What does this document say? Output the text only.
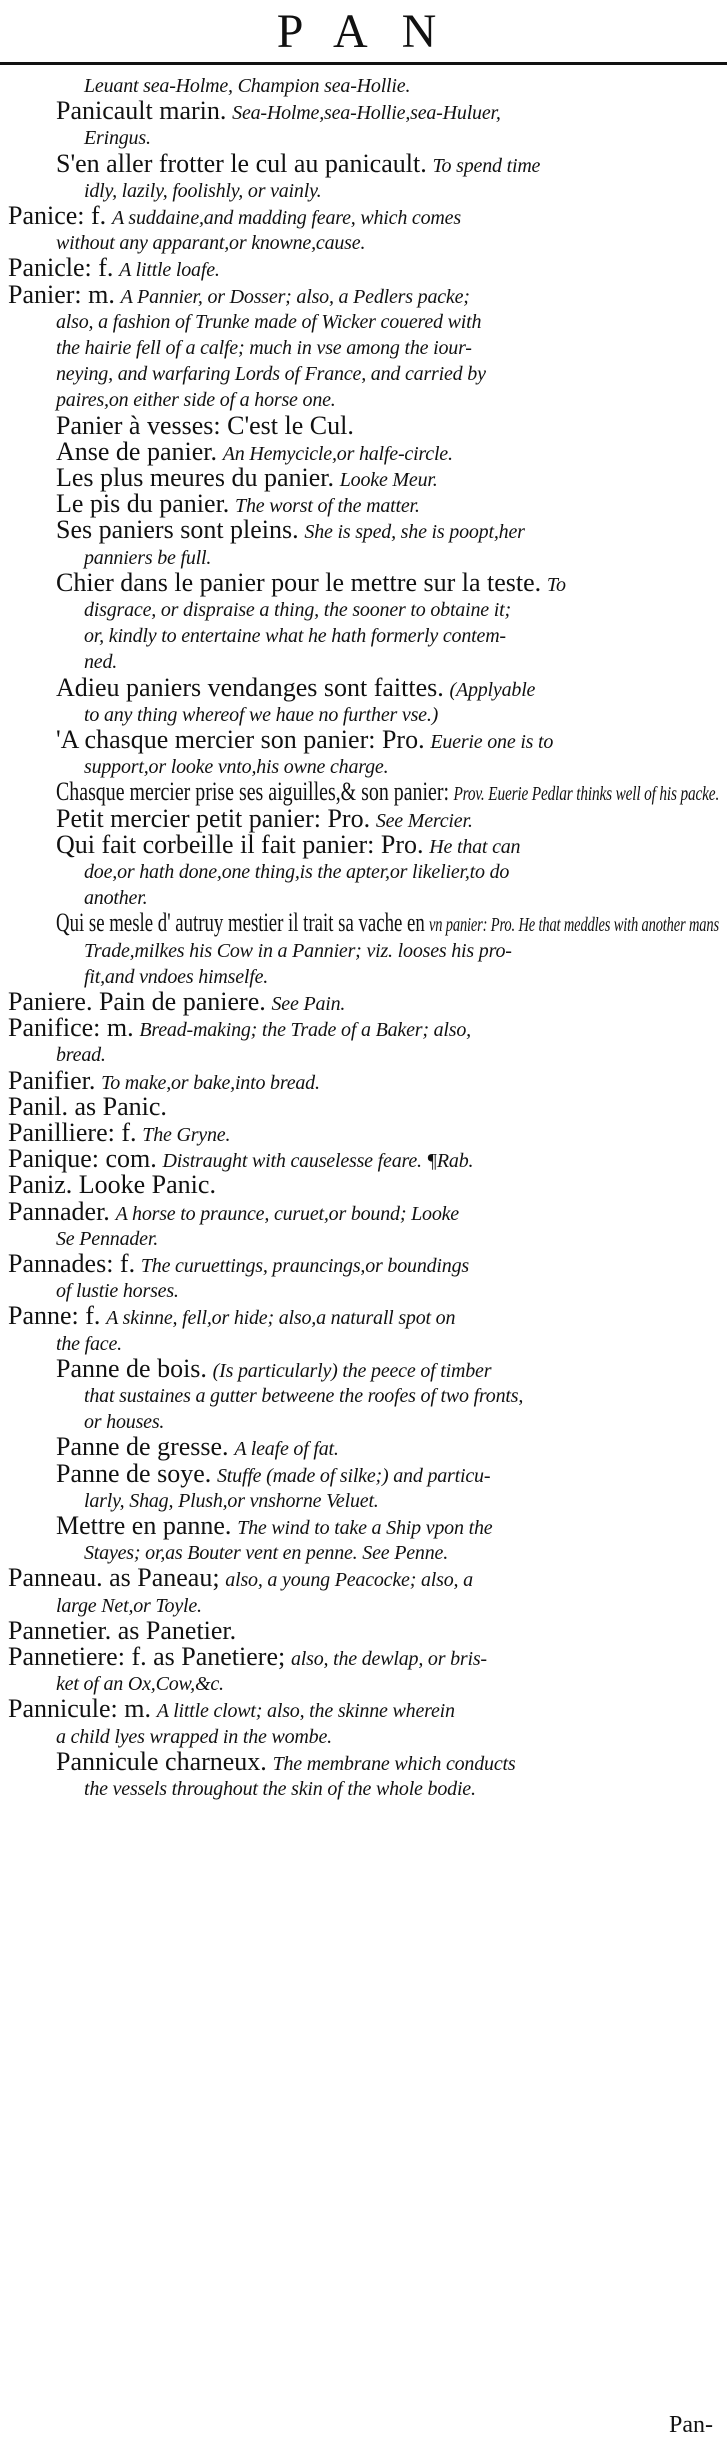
PAN

Leuant sea-Holme, Champion sea-Hollie.

Panicault marin. Sea-Holme,sea-Hollie,sea-Huluer,

Eringus.

S'en aller frotter le cul au panicault. To spend time

idly, lazily, foolishly, or vainly.

Panice: f. A suddaine,and madding feare, which comes

without any apparant,or knowne,cause.

Panicle: f. A little loafe.

Panier: m. A Pannier, or Dosser; also, a Pedlers packe;

also, a fashion of Trunke made of Wicker couered with

the hairie fell of a calfe; much in vse among the iour-

neying, and warfaring Lords of France, and carried by

paires,on either side of a horse one.

Panier à vesses: C'est le Cul.

Anse de panier. An Hemycicle,or halfe-circle.

Les plus meures du panier. Looke Meur.

Le pis du panier. The worst of the matter.

Ses paniers sont pleins. She is sped, she is poopt,her

panniers be full.

Chier dans le panier pour le mettre sur la teste. To

disgrace, or dispraise a thing, the sooner to obtaine it;

or, kindly to entertaine what he hath formerly contem-

ned.

Adieu paniers vendanges sont faittes. (Applyable

to any thing whereof we haue no further vse.)

'A chasque mercier son panier: Pro. Euerie one is to

support,or looke vnto,his owne charge.

Chasque mercier prise ses aiguilles,& son panier: Prov. Euerie Pedlar thinks well of his packe.

Petit mercier petit panier: Pro. See Mercier.

Qui fait corbeille il fait panier: Pro. He that can

doe,or hath done,one thing,is the apter,or likelier,to do

another.

Qui se mesle d' autruy mestier il trait sa vache en vn panier: Pro. He that meddles with another mans

Trade,milkes his Cow in a Pannier; viz. looses his pro-

fit,and vndoes himselfe.

Paniere. Pain de paniere. See Pain.

Panifice: m. Bread-making; the Trade of a Baker; also,

bread.

Panifier. To make,or bake,into bread.

Panil. as Panic.

Panilliere: f. The Gryne.

Panique: com. Distraught with causelesse feare. ¶Rab.

Paniz. Looke Panic.

Pannader. A horse to praunce, curuet,or bound; Looke

Se Pennader.

Pannades: f. The curuettings, prauncings,or boundings

of lustie horses.

Panne: f. A skinne, fell,or hide; also,a naturall spot on

the face.

Panne de bois. (Is particularly) the peece of timber

that sustaines a gutter betweene the roofes of two fronts,

or houses.

Panne de gresse. A leafe of fat.

Panne de soye. Stuffe (made of silke;) and particu-

larly, Shag, Plush,or vnshorne Veluet.

Mettre en panne. The wind to take a Ship vpon the

Stayes; or,as Bouter vent en penne. See Penne.

Panneau. as Paneau; also, a young Peacocke; also, a

large Net,or Toyle.

Pannetier. as Panetier.

Pannetiere: f. as Panetiere; also, the dewlap, or bris-

ket of an Ox,Cow,&c.

Pannicule: m. A little clowt; also, the skinne wherein

a child lyes wrapped in the wombe.

Pannicule charneux. The membrane which conducts

the vessels throughout the skin of the whole bodie.

Pan-
